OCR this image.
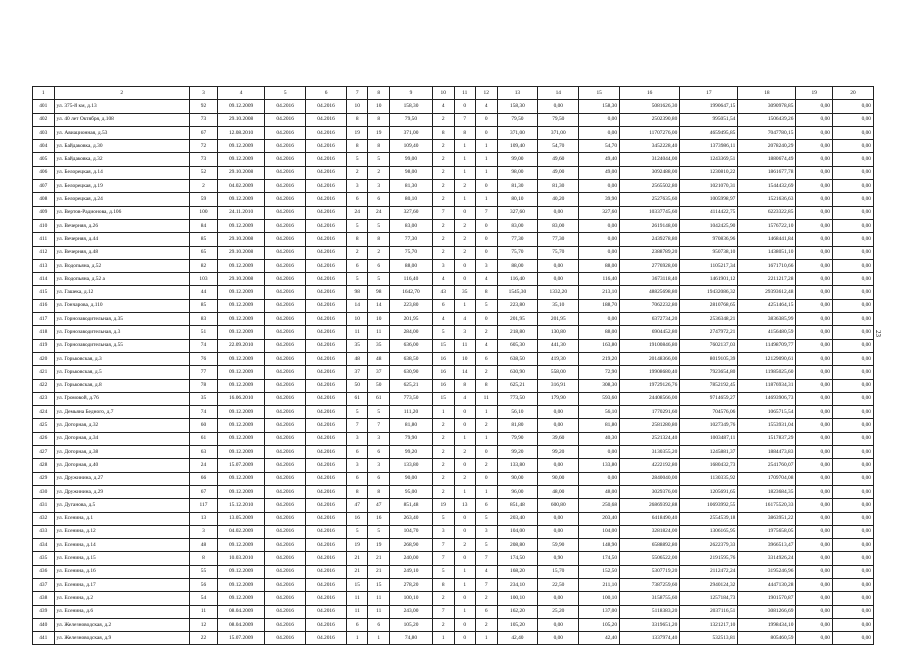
1	2	3	4	5	6	7	8	9	10	11	12	13	14	15	16	17	18	19	20
401	ул. 375-й км, д.13	92	09.12.2009	04.2016	04.2016	10	10	158,30	4	0	4	158,30	0,00	158,30	5081626,30	1990647,15	3090978,85	0,00	0,00
402	ул. 40 лет Октября, д.108	73	29.10.2008	04.2016	04.2016	8	8	79,50	2	7	0	79,50	79,50	0,00	2502390,80	995051,54	1506439,26	0,00	0,00
403	ул. Авиационная, д.53	67	12.08.2010	04.2016	04.2016	19	19	371,00	8	8	0	371,00	371,00	0,00	11707276,00	4659495,85	7047780,15	0,00	0,00
404	ул. Байдаковка, д.30	72	09.12.2009	04.2016	04.2016	8	8	109,40	2	1	1	109,40	54,70	54,70	3452228,40	1373986,11	2078240,29	0,00	0,00
405	ул. Байдаковка, д.32	73	09.12.2009	04.2016	04.2016	5	5	99,00	2	1	1	99,00	49,60	49,40	3124044,00	1243369,51	1880674,49	0,00	0,00
406	ул. Белорецкая, д.14	52	29.10.2008	04.2016	04.2016	2	2	98,00	2	1	1	98,00	49,00	49,00	3092488,00	1230810,22	1861677,78	0,00	0,00
407	ул. Белорецкая, д.19	2	04.02.2009	04.2016	04.2016	3	3	81,30	2	2	0	81,30	81,30	0,00	2565502,80	1021070,31	1544432,69	0,00	0,00
408	ул. Белорецкая, д.24	59	09.12.2009	04.2016	04.2016	6	6	80,10	2	1	1	80,10	40,20	39,90	2527635,60	1005998,97	1521636,63	0,00	0,00
409	ул. Вертов-Радионова, д.106	100	24.11.2010	04.2016	04.2016	24	24	327,60	7	0	7	327,60	0,00	327,60	10337745,60	4114422,75	6223322,85	0,00	0,00
410	ул. Вечерняя, д.26	84	09.12.2009	04.2016	04.2016	5	5	83,00	2	2	0	83,00	83,00	0,00	2619148,00	1042425,90	1576722,10	0,00	0,00
411	ул. Вечерняя, д.44	85	29.10.2008	04.2016	04.2016	8	8	77,30	2	2	0	77,30	77,30	0,00	2439278,80	970836,96	1468441,84	0,00	0,00
412	ул. Вечерняя, д.48	65	29.10.2008	04.2016	04.2016	2	2	75,70	2	2	0	75,70	75,70	0,00	2388789,20	950738,10	1438051,10	0,00	0,00
413	ул. Водопьяна, д.52	82	09.12.2009	04.2016	04.2016	6	6	88,00	3	0	3	88,00	0,00	88,00	2776928,00	1105217,34	1671710,66	0,00	0,00
414	ул. Водопьяна, д.52 а	103	29.10.2008	04.2016	04.2016	5	5	116,40	4	0	4	116,40	0,00	116,40	3673118,40	1461901,12	2211217,28	0,00	0,00
415	ул. Гашека, д.12	44	09.12.2009	04.2016	04.2016	98	98	1642,70	43	35	8	1545,30	1332,20	213,10	48825698,80	19432086,32	29393612,48	0,00	0,00
416	ул. Гончарова, д.110	85	09.12.2009	04.2016	04.2016	14	14	223,80	6	1	5	223,80	35,10	188,70	7062232,80	2810768,65	4251464,15	0,00	0,00
417	ул. Горнозаводительная, д.35	83	09.12.2009	04.2016	04.2016	10	10	201,95	4	4	0	201,95	201,95	0,00	6372734,20	2536348,21	3836385,99	0,00	0,00
418	ул. Горнозаводительная, д.3	51	09.12.2009	04.2016	04.2016	11	11	284,00	5	3	2	218,80	130,80	88,00	6904452,80	2747972,21	4156480,59	0,00	0,00
419	ул. Горнозаводительная, д.55	74	22.09.2010	04.2016	04.2016	35	35	636,00	15	11	4	605,30	441,30	163,80	19100846,80	7602137,03	11498709,77	0,00	0,00
420	ул. Горьковская, д.3	76	09.12.2009	04.2016	04.2016	48	48	638,50	16	10	6	638,50	419,30	219,20	20148366,00	8019105,39	12129090,61	0,00	0,00
421	ул. Горьковская, д.5	77	09.12.2009	04.2016	04.2016	37	37	630,90	16	14	2	630,90	558,00	72,90	19908680,40	7923654,80	11985025,60	0,00	0,00
422	ул. Горьковская, д.8	78	09.12.2009	04.2016	04.2016	50	50	625,21	16	8	8	625,21	316,91	308,30	19729126,76	7852192,45	11876934,31	0,00	0,00
423	ул. Громовой, д.76	35	16.06.2010	04.2016	04.2016	61	61	773,50	15	4	11	773,50	179,90	593,60	24408566,00	9714659,27	14693906,73	0,00	0,00
424	ул. Демьяна Бедного, д.7	74	09.12.2009	04.2016	04.2016	5	5	111,20	1	0	1	56,10	0,00	56,10	1770291,60	704576,06	1065715,54	0,00	0,00
425	ул. Доторная, д.32	60	09.12.2009	04.2016	04.2016	7	7	81,80	2	0	2	81,80	0,00	81,80	2581280,80	1027349,76	1553931,04	0,00	0,00
426	ул. Доторная, д.34	61	09.12.2009	04.2016	04.2016	3	3	79,90	2	1	1	79,90	39,60	40,30	2521324,40	1003487,11	1517837,29	0,00	0,00
427	ул. Доторная, д.38	63	09.12.2009	04.2016	04.2016	6	6	99,20	2	2	0	99,20	99,20	0,00	3130355,20	1245881,37	1884473,83	0,00	0,00
428	ул. Доторная, д.40	24	15.07.2009	04.2016	04.2016	3	3	133,80	2	0	2	133,80	0,00	133,80	4222192,80	1680432,73	2541760,07	0,00	0,00
429	ул. Дружинина, д.27	66	09.12.2009	04.2016	04.2016	6	6	90,00	2	2	0	90,00	90,00	0,00	2840040,00	1130335,92	1709704,08	0,00	0,00
430	ул. Дружинина, д.29	67	09.12.2009	04.2016	04.2016	8	8	95,00	2	1	1	96,00	48,00	48,00	3029376,00	1205691,65	1823684,35	0,00	0,00
431	ул. Дуганова, д.5	117	15.12.2010	04.2016	04.2016	47	47	851,48	19	13	6	851,48	600,80	250,68	26869392,88	10693992,55	16175520,33	0,00	0,00
432	ул. Есенина, д.1	13	13.05.2009	04.2016	04.2016	16	16	263,40	5	0	5	203,40	0,00	203,40	6418490,40	2554539,18	3863951,22	0,00	0,00
433	ул. Есенина, д.12	3	04.02.2009	04.2016	04.2016	5	5	104,70	3	0	3	104,00	0,00	104,00	3281824,00	1306165,95	1975658,05	0,00	0,00
434	ул. Есенина, д.14	48	09.12.2009	04.2016	04.2016	19	19	268,90	7	2	5	208,80	59,90	148,90	6588892,80	2622379,33	3966513,47	0,00	0,00
435	ул. Есенина, д.15	8	10.03.2010	04.2016	04.2016	21	21	240,00	7	0	7	174,50	0,90	174,50	5506522,00	2191595,76	3314926,24	0,00	0,00
436	ул. Есенина, д.16	55	09.12.2009	04.2016	04.2016	21	21	249,10	5	1	4	168,20	15,70	152,50	5307719,20	2112472,24	3195246,96	0,00	0,00
437	ул. Есенина, д.17	56	09.12.2009	04.2016	04.2016	15	15	278,20	8	1	7	234,10	22,50	211,10	7387259,60	2940124,32	4447130,28	0,00	0,00
438	ул. Есенина, д.2	54	09.12.2009	04.2016	04.2016	11	11	100,10	2	0	2	100,10	0,00	100,10	3158755,60	1257184,73	1901570,87	0,00	0,00
439	ул. Есенина, д.6	11	08.04.2009	04.2016	04.2016	11	11	243,00	7	1	6	162,20	25,20	137,00	5118383,20	2037116,51	3081266,69	0,00	0,00
440	ул. Железноводская, д.2	12	08.04.2009	04.2016	04.2016	6	6	105,20	2	0	2	105,20	0,00	105,20	3319651,20	1321217,10	1998434,10	0,00	0,00
441	ул. Железноводская, д.9	22	15.07.2009	04.2016	04.2016	1	1	74,80	1	0	1	42,40	0,00	42,40	1337974,40	532513,81	805460,59	0,00	0,00
23
